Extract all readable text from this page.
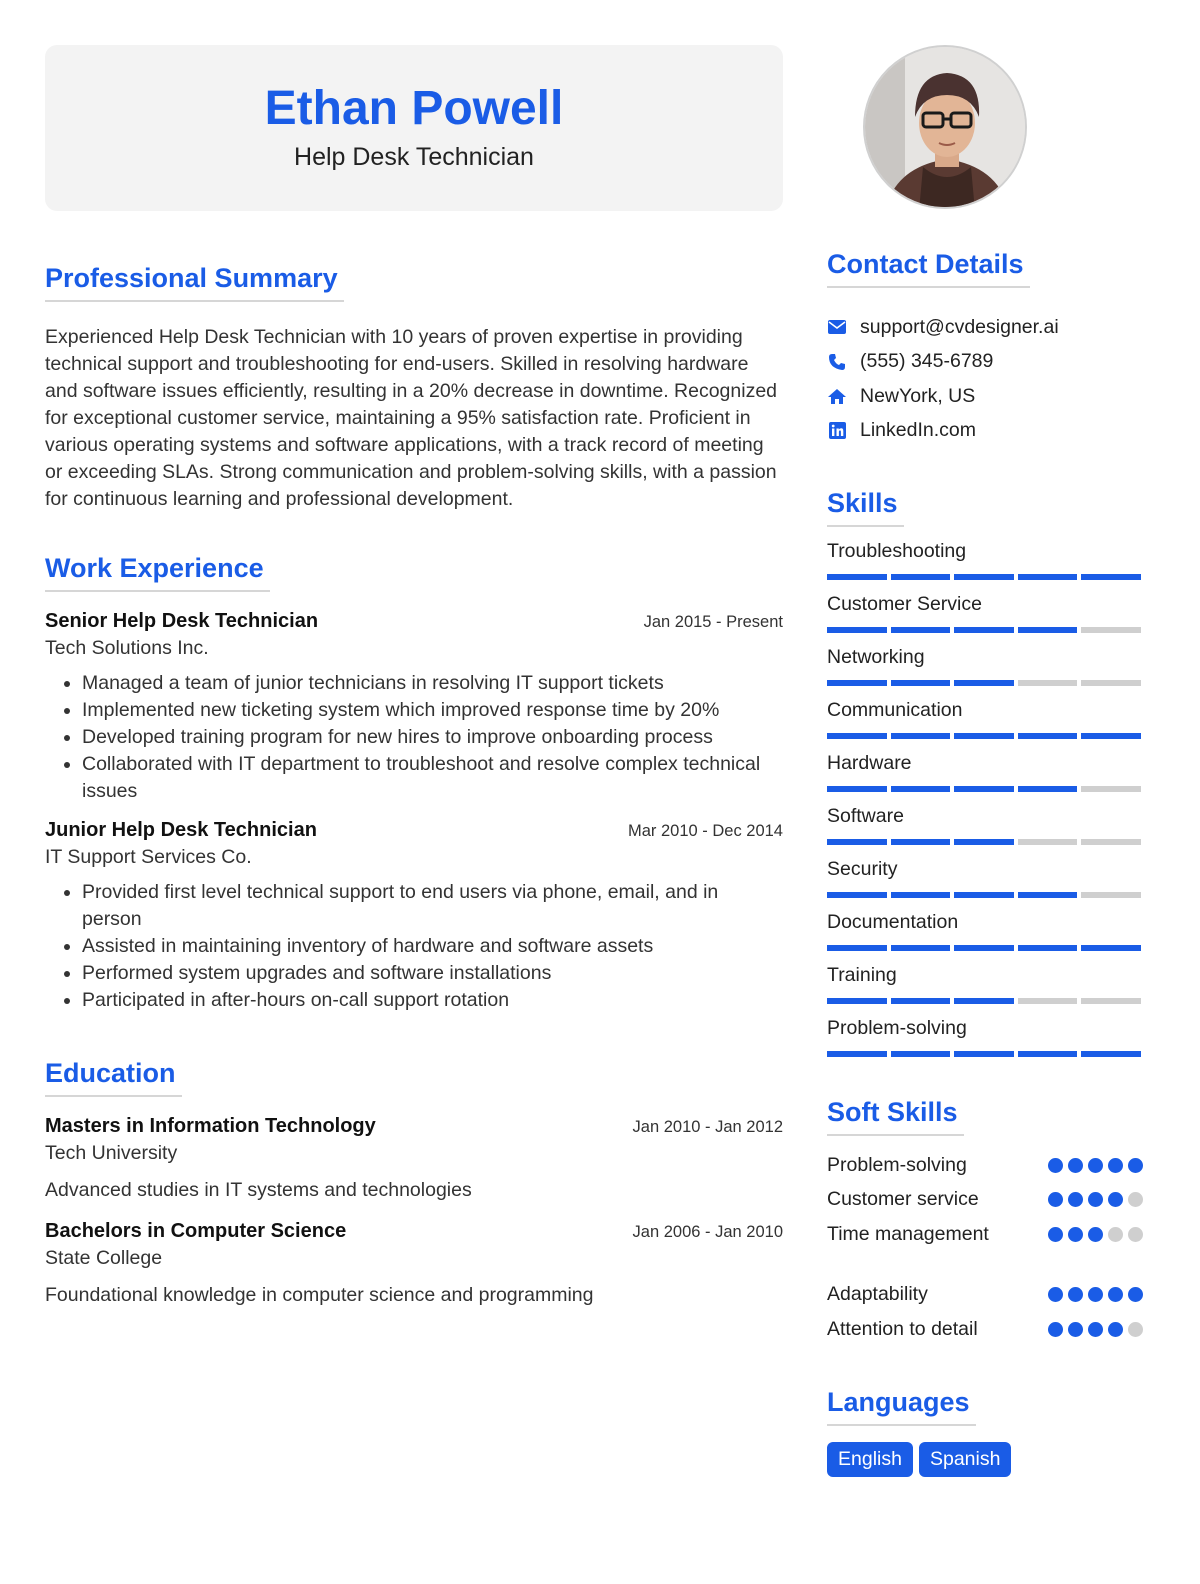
Ethan Powell
Help Desk Technician
Professional Summary

Experienced Help Desk Technician with 10 years of proven expertise in providing technical support and troubleshooting for end-users. Skilled in resolving hardware and software issues efficiently, resulting in a 20% decrease in downtime. Recognized for exceptional customer service, maintaining a 95% satisfaction rate. Proficient in various operating systems and software applications, with a track record of meeting or exceeding SLAs. Strong communication and problem-solving skills, with a passion for continuous learning and professional development.

Work Experience
Senior Help Desk Technician	Jan 2015 - Present
Tech Solutions Inc.
• Managed a team of junior technicians in resolving IT support tickets
• Implemented new ticketing system which improved response time by 20%
• Developed training program for new hires to improve onboarding process
• Collaborated with IT department to troubleshoot and resolve complex technical issues
Junior Help Desk Technician	Mar 2010 - Dec 2014
IT Support Services Co.
• Provided first level technical support to end users via phone, email, and in person
• Assisted in maintaining inventory of hardware and software assets
• Performed system upgrades and software installations
• Participated in after-hours on-call support rotation
Education
Masters in Information Technology	Jan 2010 - Jan 2012
Tech University
Advanced studies in IT systems and technologies
Bachelors in Computer Science	Jan 2006 - Jan 2010
State College
Foundational knowledge in computer science and programming
Contact Details
support@cvdesigner.ai
(555) 345-6789
NewYork, US
LinkedIn.com
Skills
Troubleshooting
Customer Service
Networking
Communication
Hardware
Software
Security
Documentation
Training
Problem-solving
Soft Skills
Problem-solving
Customer service
Time management
Adaptability
Attention to detail
Languages
English	Spanish
